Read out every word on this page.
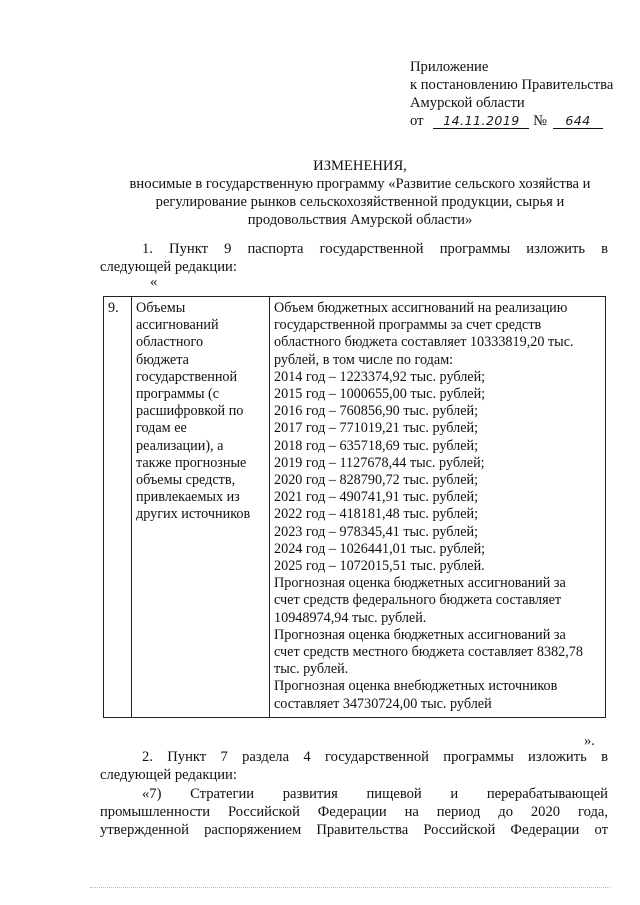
Приложение
к постановлению Правительства
Амурской области
от 14.11.2019 № 644
ИЗМЕНЕНИЯ,
вносимые в государственную программу «Развитие сельского хозяйства и
регулирование рынков сельскохозяйственной продукции, сырья и
продовольствия Амурской области»
1. Пункт 9 паспорта государственной программы изложить в
следующей редакции:
«
9.	Объемы
ассигнований
областного
бюджета
государственной
программы (с
расшифровкой по
годам ее
реализации), а
также прогнозные
объемы средств,
привлекаемых из
других источников

Объем бюджетных ассигнований на реализацию
государственной программы за счет средств
областного бюджета составляет 10333819,20 тыс.
рублей, в том числе по годам:
2014 год – 1223374,92 тыс. рублей;
2015 год – 1000655,00 тыс. рублей;
2016 год – 760856,90 тыс. рублей;
2017 год – 771019,21 тыс. рублей;
2018 год – 635718,69 тыс. рублей;
2019 год – 1127678,44 тыс. рублей;
2020 год – 828790,72 тыс. рублей;
2021 год – 490741,91 тыс. рублей;
2022 год – 418181,48 тыс. рублей;
2023 год – 978345,41 тыс. рублей;
2024 год – 1026441,01 тыс. рублей;
2025 год – 1072015,51 тыс. рублей.
Прогнозная оценка бюджетных ассигнований за
счет средств федерального бюджета составляет
10948974,94 тыс. рублей.
Прогнозная оценка бюджетных ассигнований за
счет средств местного бюджета составляет 8382,78
тыс. рублей.
Прогнозная оценка внебюджетных источников
составляет 34730724,00 тыс. рублей
».
2. Пункт 7 раздела 4 государственной программы изложить в
следующей редакции:
«7) Стратегии развития пищевой и перерабатывающей
промышленности Российской Федерации на период до 2020 года,
утвержденной распоряжением Правительства Российской Федерации от
